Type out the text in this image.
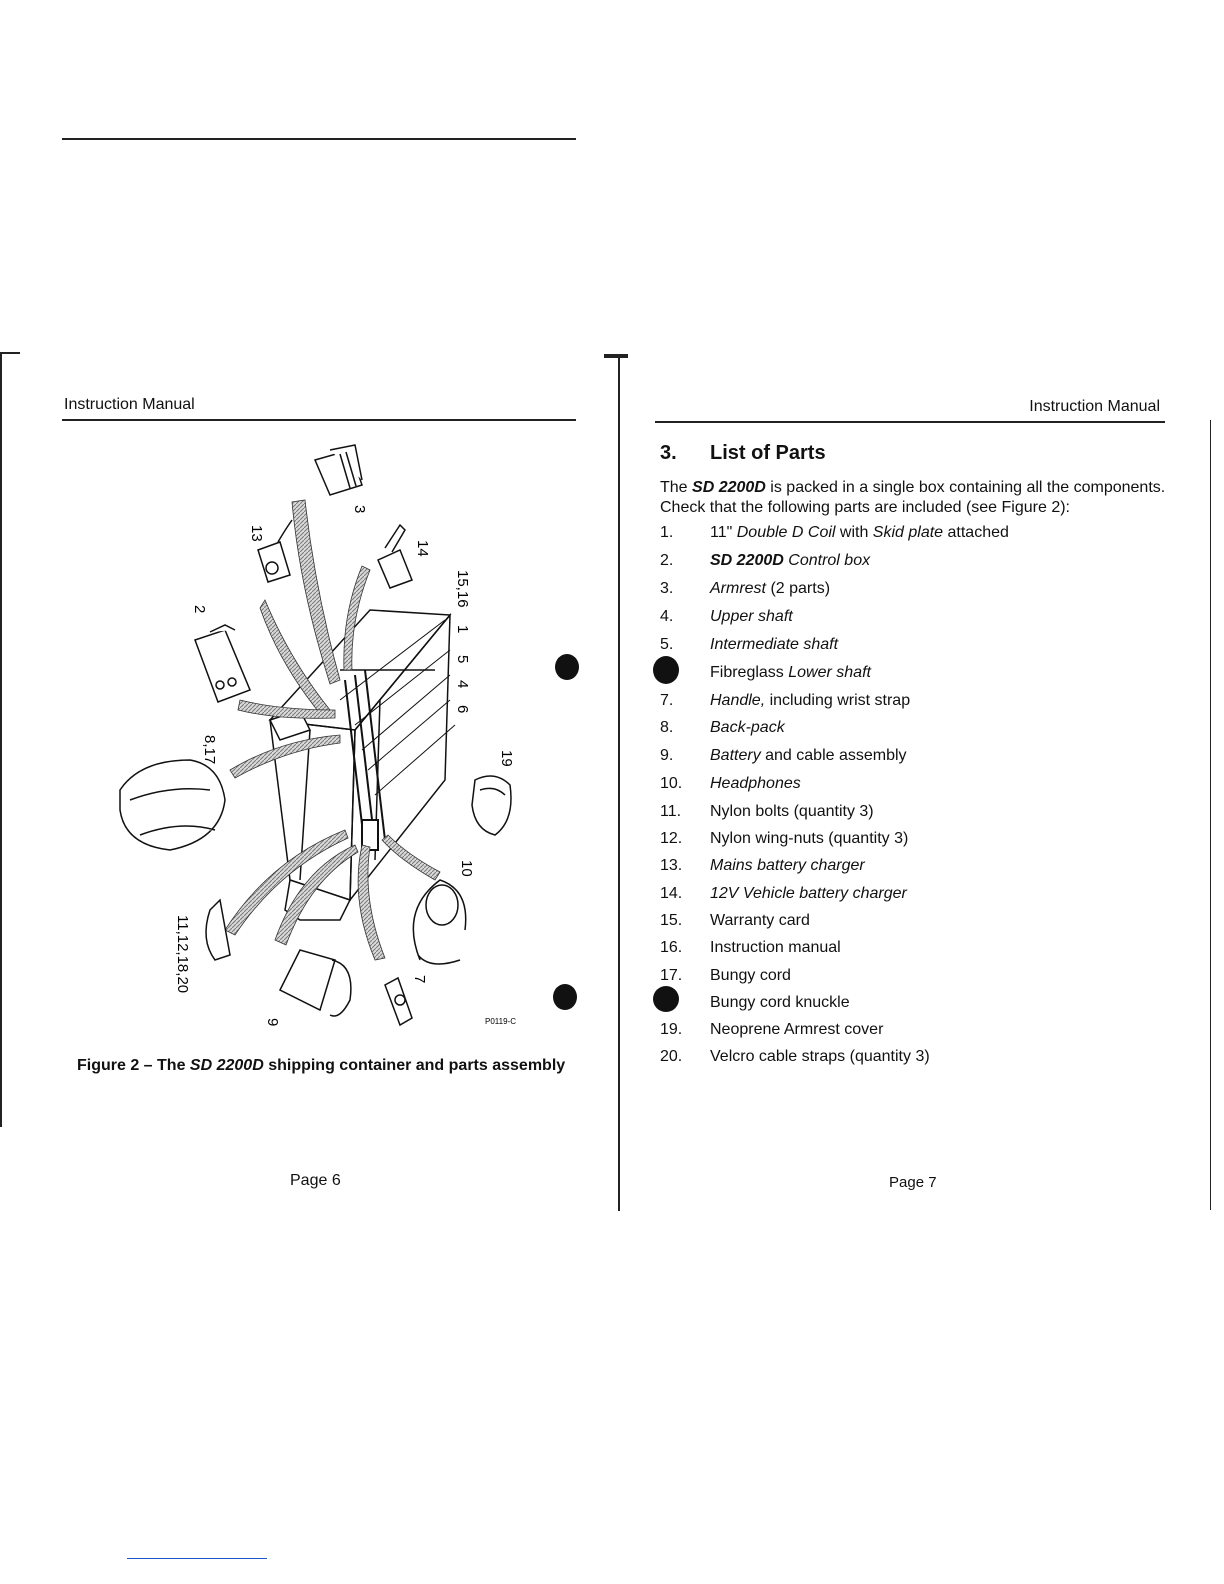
Instruction Manual
13
3
14
15,16
1
5
4
6
2
8,17	19
10
11,12,18,20
9
7
P0119-C
Figure 2 – The SD 2200D shipping container and parts assembly
Page 6
Instruction Manual
3. List of Parts
The SD 2200D is packed in a single box containing all the components.
Check that the following parts are included (see Figure 2):
1.	11" Double D Coil with Skid plate attached
2.	SD 2200D Control box
3.	Armrest (2 parts)
4.	Upper shaft
5.	Intermediate shaft
Fibreglass Lower shaft
7.	Handle, including wrist strap
8.	Back-pack
9.	Battery and cable assembly
10.	Headphones
11.	Nylon bolts (quantity 3)
12.	Nylon wing-nuts (quantity 3)
13.	Mains battery charger
14.	12V Vehicle battery charger
15.	Warranty card
16.	Instruction manual
17.	Bungy cord
Bungy cord knuckle
19.	Neoprene Armrest cover
20.	Velcro cable straps (quantity 3)
Page 7
